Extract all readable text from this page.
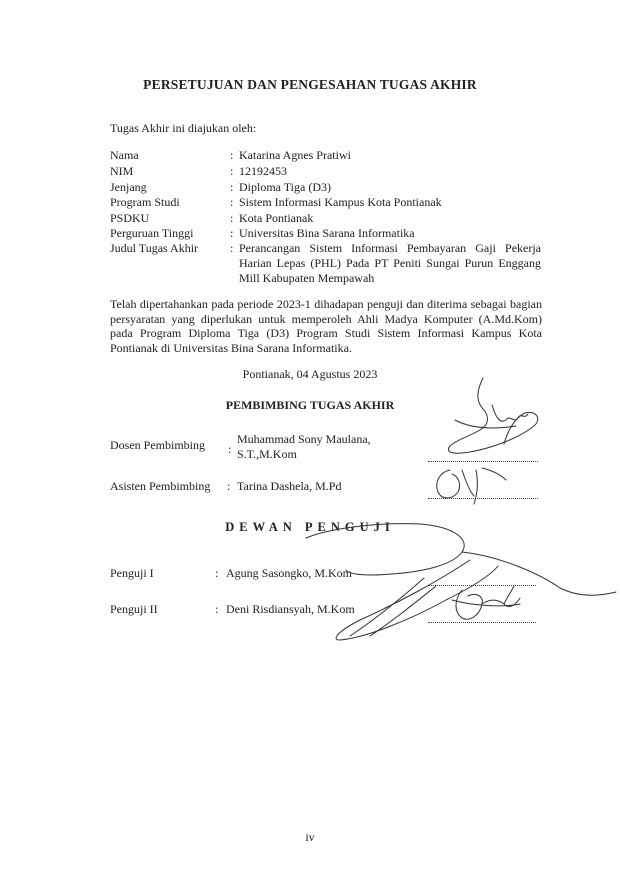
PERSETUJUAN DAN PENGESAHAN TUGAS AKHIR
Tugas Akhir ini diajukan oleh:
Nama	: Katarina Agnes Pratiwi
NIM	: 12192453
Jenjang	: Diploma Tiga (D3)
Program Studi	: Sistem Informasi Kampus Kota Pontianak
PSDKU	: Kota Pontianak
Perguruan Tinggi	: Universitas Bina Sarana Informatika
Judul Tugas Akhir	: Perancangan Sistem Informasi Pembayaran Gaji Pekerja Harian Lepas (PHL) Pada PT Peniti Sungai Purun Enggang Mill Kabupaten Mempawah
Telah dipertahankan pada periode 2023-1 dihadapan penguji dan diterima sebagai bagian persyaratan yang diperlukan untuk memperoleh Ahli Madya Komputer (A.Md.Kom) pada Program Diploma Tiga (D3) Program Studi Sistem Informasi Kampus Kota Pontianak di Universitas Bina Sarana Informatika.
Pontianak, 04 Agustus 2023
PEMBIMBING TUGAS AKHIR
Dosen Pembimbing :
Muhammad Sony Maulana,
S.T.,M.Kom
Asisten Pembimbing : Tarina Dashela, M.Pd
DEWAN PENGUJI
Penguji I	: Agung Sasongko, M.Kom
Penguji II	: Deni Risdiansyah, M.Kom
iv
